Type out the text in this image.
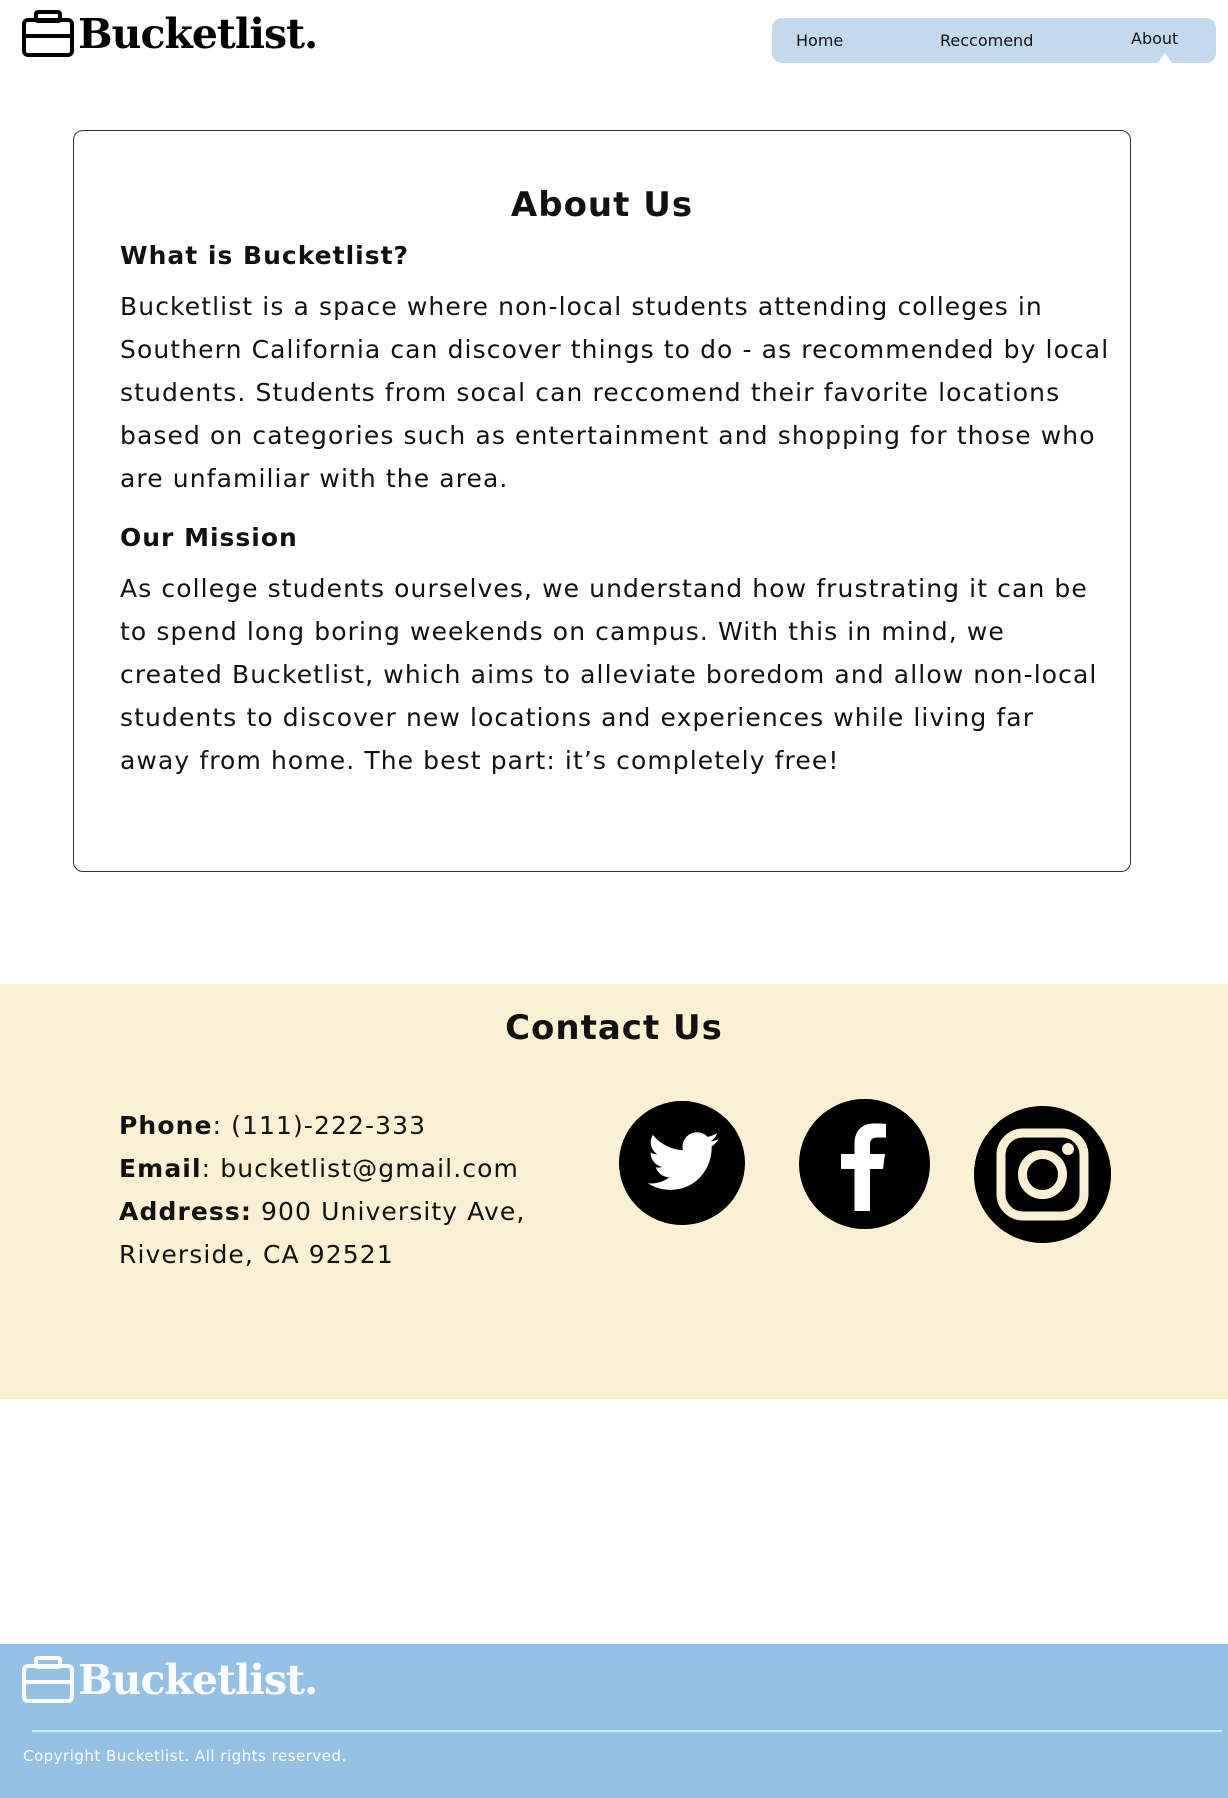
Bucketlist.	Home	Reccomend	About
About Us
What is Bucketlist?

Bucketlist is a space where non-local students attending colleges in Southern California can discover things to do - as recommended by local students. Students from socal can reccomend their favorite locations based on categories such as entertainment and shopping for those who are unfamiliar with the area.

Our Mission

As college students ourselves, we understand how frustrating it can be to spend long boring weekends on campus. With this in mind, we created Bucketlist, which aims to alleviate boredom and allow non-local students to discover new locations and experiences while living far away from home. The best part: it’s completely free!

Contact Us
Phone: (111)-222-333
Email: bucketlist@gmail.com
Address: 900 University Ave, Riverside, CA 92521
Bucketlist.
Copyright Bucketlist. All rights reserved.
